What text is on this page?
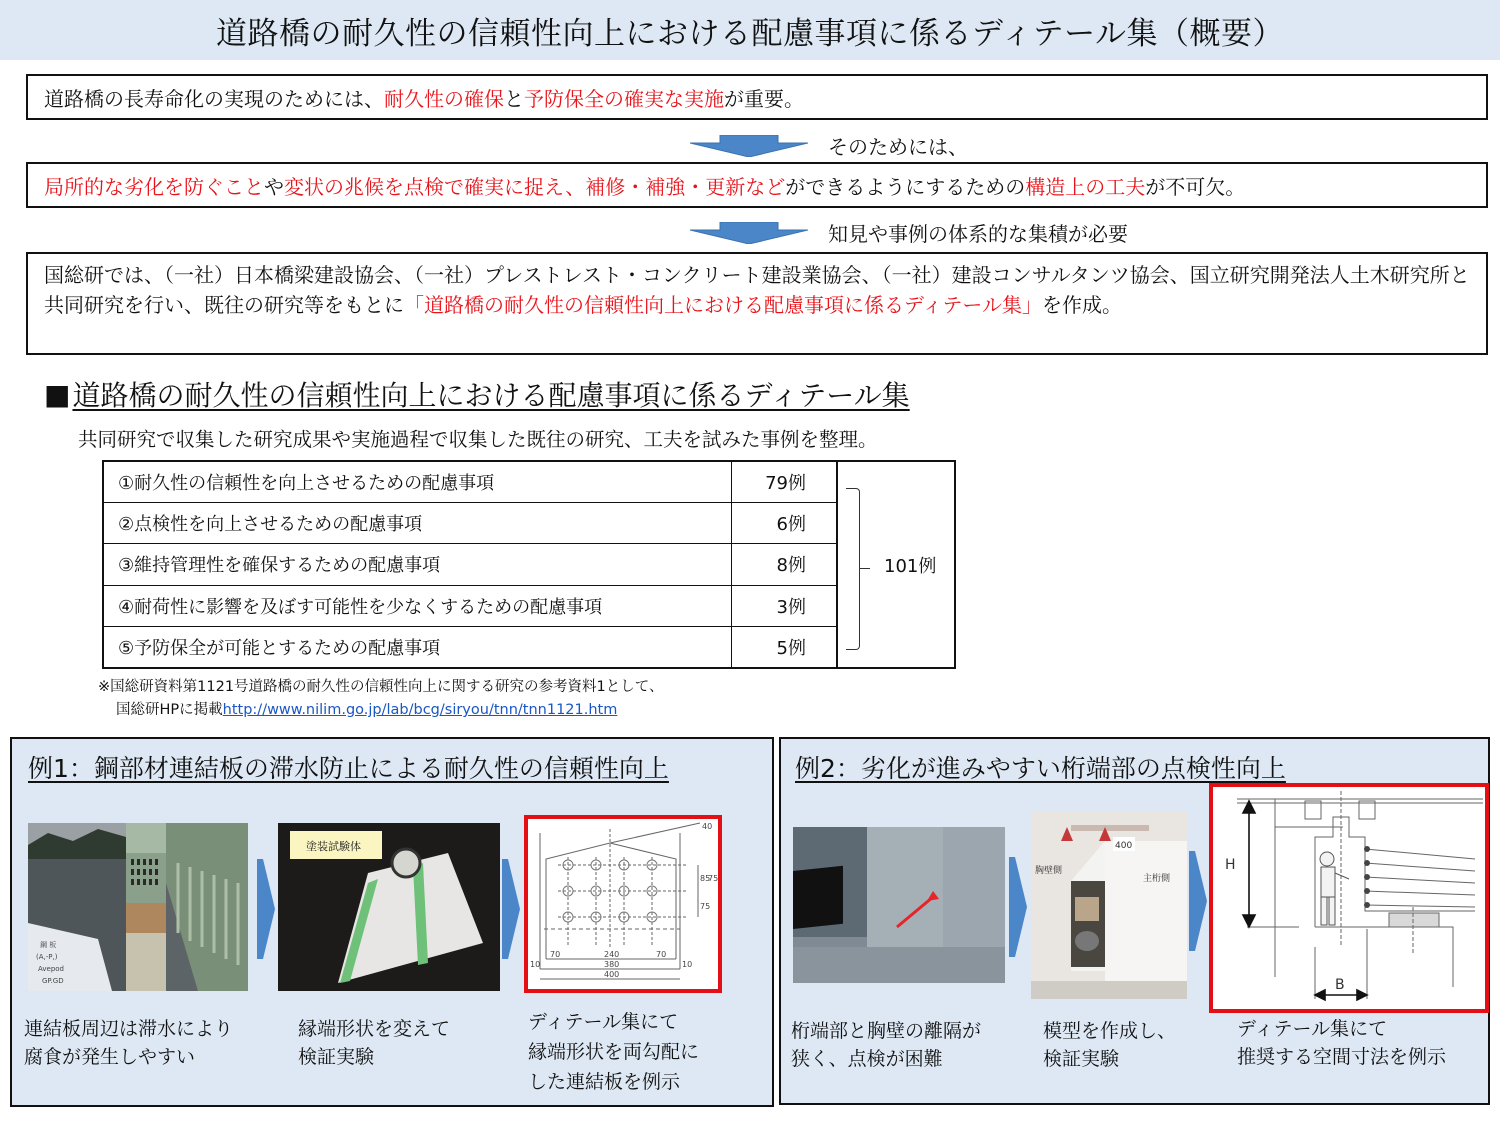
道路橋の耐久性の信頼性向上における配慮事項に係るディテール集（概要）
道路橋の長寿命化の実現のためには、耐久性の確保と予防保全の確実な実施が重要。
そのためには、
局所的な劣化を防ぐことや変状の兆候を点検で確実に捉え、補修・補強・更新などができるようにするための構造上の工夫が不可欠。
知見や事例の体系的な集積が必要
国総研では、（一社）日本橋梁建設協会、（一社）プレストレスト・コンクリート建設業協会、（一社）建設コンサルタンツ協会、国立研究開発法人土木研究所と共同研究を行い、既往の研究等をもとに「道路橋の耐久性の信頼性向上における配慮事項に係るディテール集」を作成。
■ 道路橋の耐久性の信頼性向上における配慮事項に係るディテール集
共同研究で収集した研究成果や実施過程で収集した既往の研究、工夫を試みた事例を整理。
①耐久性の信頼性を向上させるための配慮事項	79例	101例

②点検性を向上させるための配慮事項	6例	
③維持管理性を確保するための配慮事項	8例	
④耐荷性に影響を及ぼす可能性を少なくするための配慮事項	3例	
⑤予防保全が可能とするための配慮事項	5例	
※国総研資料第1121号道路橋の耐久性の信頼性向上に関する研究の参考資料1として、
国総研HPに掲載http://www.nilim.go.jp/lab/bcg/siryou/tnn/tnn1121.htm
例1：鋼部材連結板の滞水防止による耐久性の信頼性向上
鋼 板
(A,-P,)
Avepod
GP.GD
塗装試験体
70	240	70
380
400
10	10
85
75
75
40
連結板周辺は滞水により
腐食が発生しやすい
縁端形状を変えて
検証実験
ディテール集にて
縁端形状を両勾配に
した連結板を例示
例2：劣化が進みやすい桁端部の点検性向上
胸壁側
主桁側
400
H
B
桁端部と胸壁の離隔が
狭く、点検が困難
模型を作成し、
検証実験
ディテール集にて
推奨する空間寸法を例示
